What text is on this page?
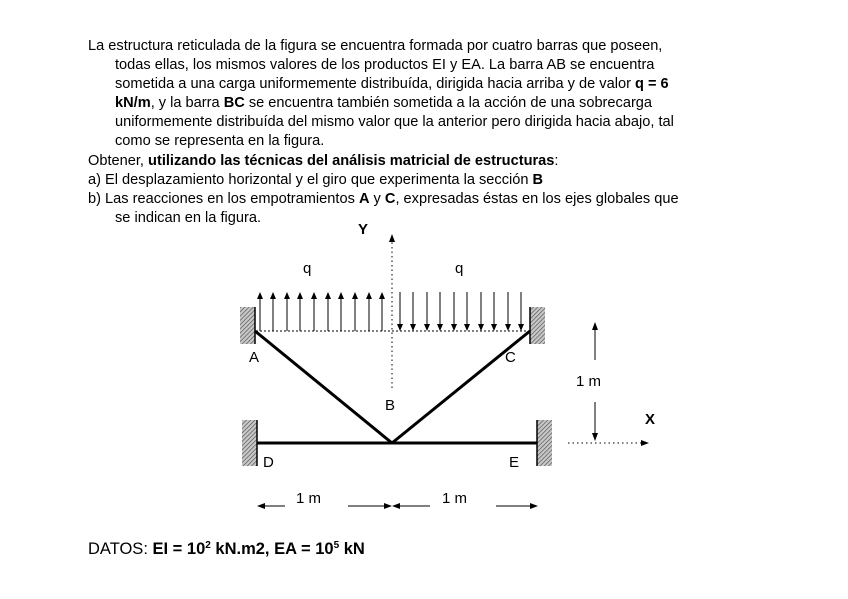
La estructura reticulada de la figura se encuentra formada por cuatro barras que poseen,
todas ellas, los mismos valores de los productos EI y EA. La barra AB se encuentra
sometida a una carga uniformemente distribuída, dirigida hacia arriba y de valor q = 6
kN/m, y la barra BC se encuentra también sometida a la acción de una sobrecarga
uniformemente distribuída del mismo valor que la anterior pero dirigida hacia abajo, tal
como se representa en la figura.
Obtener, utilizando las técnicas del análisis matricial de estructuras:
a) El desplazamiento horizontal y el giro que experimenta la sección B
b) Las reacciones en los empotramientos A y C, expresadas éstas en los ejes globales que
se indican en la figura.
Y
X
q	q
A
B
C
D	E
1 m
1 m	1 m
DATOS: EI = $10^2$ kN.m2, EA = $10^5$ kN
